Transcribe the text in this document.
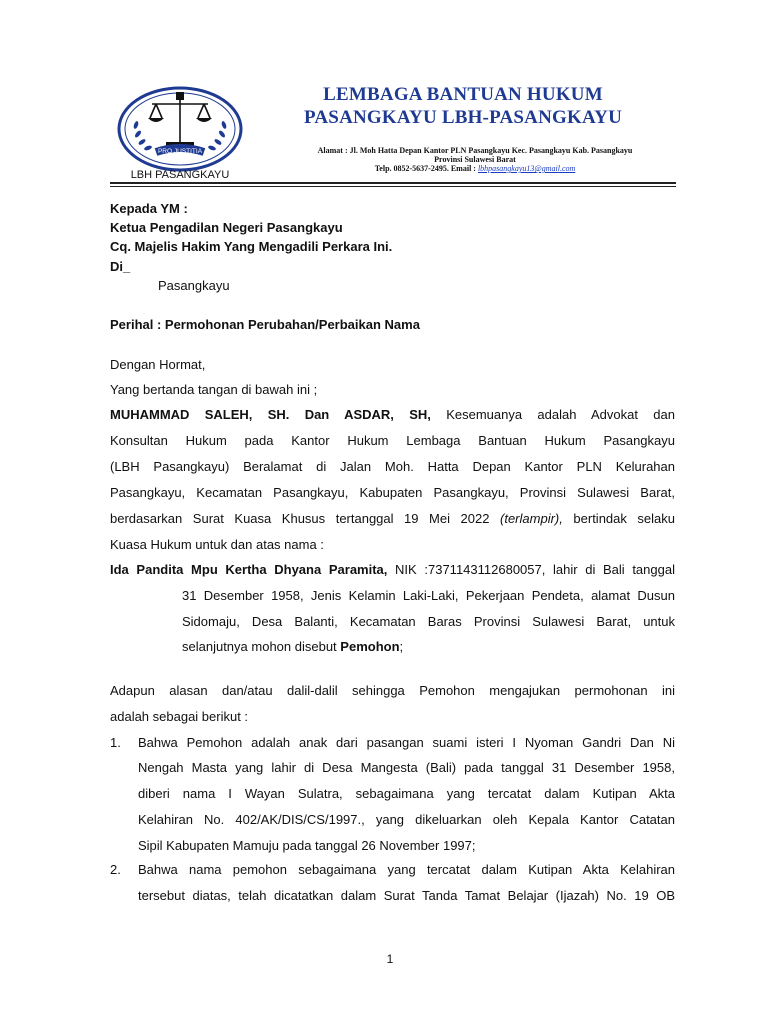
PRO JUSTITIA
LBH PASANGKAYU
LEMBAGA BANTUAN HUKUM
PASANGKAYU LBH-PASANGKAYU
Alamat : Jl. Moh Hatta Depan Kantor PLN Pasangkayu Kec. Pasangkayu Kab. Pasangkayu
Provinsi Sulawesi Barat
Telp. 0852-5637-2495. Email : lbhpasangkayu13@gmail.com
Kepada YM :
Ketua Pengadilan Negeri Pasangkayu
Cq. Majelis Hakim Yang Mengadili Perkara Ini.
Di_
Pasangkayu
Perihal : Permohonan Perubahan/Perbaikan Nama
Dengan Hormat,
Yang bertanda tangan di bawah ini ;
MUHAMMAD SALEH, SH. Dan ASDAR, SH, Kesemuanya adalah Advokat dan
Konsultan Hukum pada Kantor Hukum Lembaga Bantuan Hukum Pasangkayu
(LBH Pasangkayu) Beralamat di Jalan Moh. Hatta Depan Kantor PLN Kelurahan
Pasangkayu, Kecamatan Pasangkayu, Kabupaten Pasangkayu, Provinsi Sulawesi Barat,
berdasarkan Surat Kuasa Khusus tertanggal 19 Mei 2022 (terlampir), bertindak selaku
Kuasa Hukum untuk dan atas nama :
Ida Pandita Mpu Kertha Dhyana Paramita, NIK :7371143112680057, lahir di Bali tanggal
31 Desember 1958, Jenis Kelamin Laki-Laki, Pekerjaan Pendeta, alamat Dusun
Sidomaju, Desa Balanti, Kecamatan Baras Provinsi Sulawesi Barat, untuk
selanjutnya mohon disebut Pemohon;
Adapun alasan dan/atau dalil-dalil sehingga Pemohon mengajukan permohonan ini
adalah sebagai berikut :
1. Bahwa Pemohon adalah anak dari pasangan suami isteri I Nyoman Gandri Dan Ni
Nengah Masta yang lahir di Desa Mangesta (Bali) pada tanggal 31 Desember 1958,
diberi nama I Wayan Sulatra, sebagaimana yang tercatat dalam Kutipan Akta
Kelahiran No. 402/AK/DIS/CS/1997., yang dikeluarkan oleh Kepala Kantor Catatan
Sipil Kabupaten Mamuju pada tanggal 26 November 1997;
2. Bahwa nama pemohon sebagaimana yang tercatat dalam Kutipan Akta Kelahiran
tersebut diatas, telah dicatatkan dalam Surat Tanda Tamat Belajar (Ijazah) No. 19 OB
1
